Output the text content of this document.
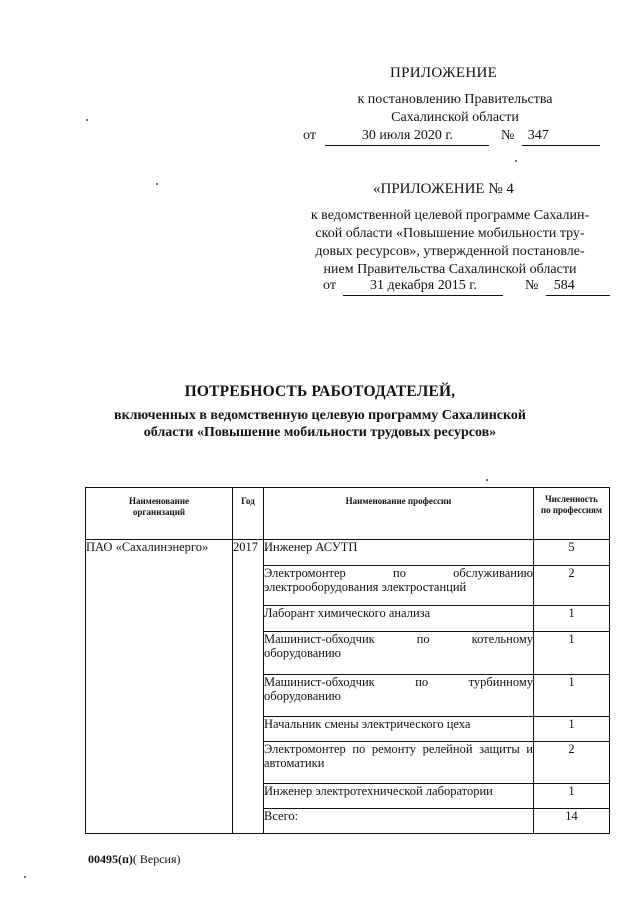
ПРИЛОЖЕНИЕ
к постановлению Правительства
Сахалинской области
от	30 июля 2020 г.	№ 347
«ПРИЛОЖЕНИЕ № 4
к ведомственной целевой программе Сахалин-
ской области «Повышение мобильности тру-
довых ресурсов», утвержденной постановле-
нием Правительства Сахалинской области
от 31 декабря 2015 г.	№ 584
ПОТРЕБНОСТЬ РАБОТОДАТЕЛЕЙ,
включенных в ведомственную целевую программу Сахалинской
области «Повышение мобильности трудовых ресурсов»
Наименование организаций	Год	Наименование профессии	Численность по профессиям
ПАО «Сахалинэнерго»	2017	Инженер АСУТП	5
		Электромонтер по обслуживанию электрооборудования электростанций	2
		Лаборант химического анализа	1
		Машинист-обходчик по котельному оборудованию	1
		Машинист-обходчик по турбинному оборудованию	1
		Начальник смены электрического цеха	1
		Электромонтер по ремонту релейной защиты и автоматики	2
		Инженер электротехнической лаборатории	1
		Всего:	14
00495(п)( Версия)
